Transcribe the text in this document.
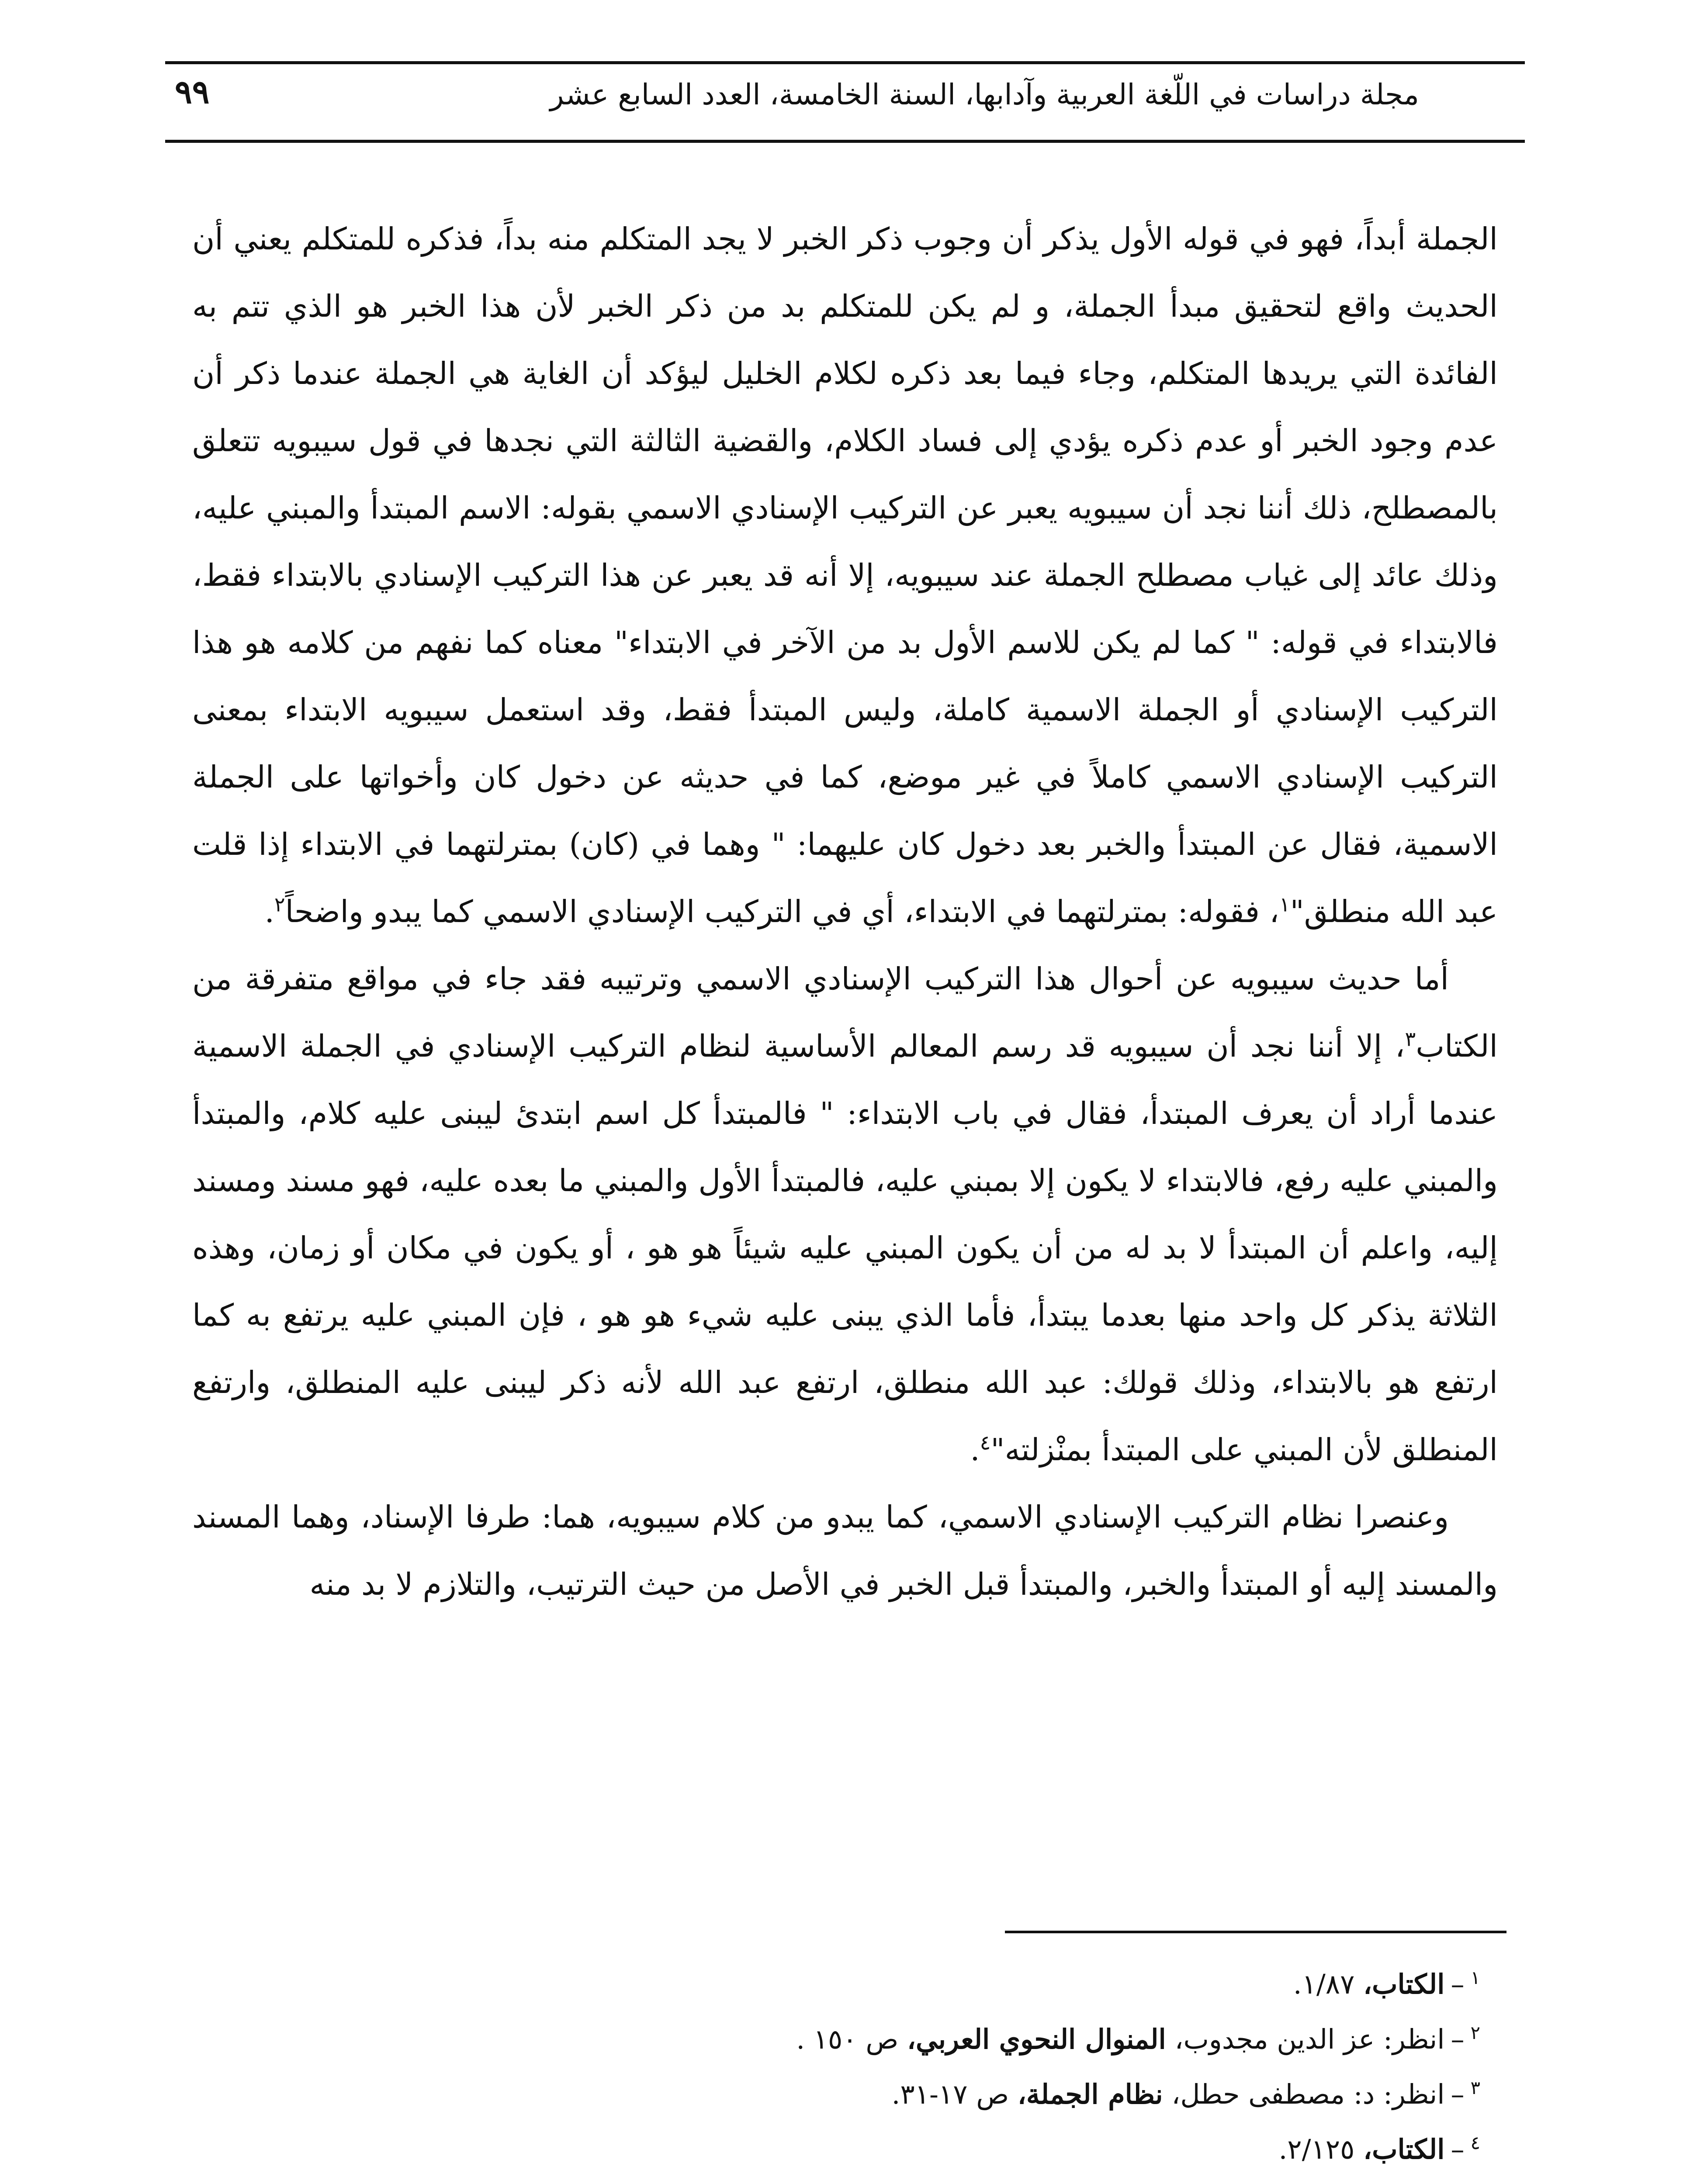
٩٩	مجلة دراسات في اللّغة العربية وآدابها، السنة الخامسة، العدد السابع عشر

الجملة أبداً، فهو في قوله الأول يذكر أن وجوب ذكر الخبر لا يجد المتكلم منه بداً، فذكره للمتكلم يعني أن الحديث واقع لتحقيق مبدأ الجملة، و لم يكن للمتكلم بد من ذكر الخبر لأن هذا الخبر هو الذي تتم به الفائدة التي يريدها المتكلم، وجاء فيما بعد ذكره لكلام الخليل ليؤكد أن الغاية هي الجملة عندما ذكر أن عدم وجود الخبر أو عدم ذكره يؤدي إلى فساد الكلام، والقضية الثالثة التي نجدها في قول سيبويه تتعلق بالمصطلح، ذلك أننا نجد أن سيبويه يعبر عن التركيب الإسنادي الاسمي بقوله: الاسم المبتدأ والمبني عليه، وذلك عائد إلى غياب مصطلح الجملة عند سيبويه، إلا أنه قد يعبر عن هذا التركيب الإسنادي بالابتداء فقط، فالابتداء في قوله: " كما لم يكن للاسم الأول بد من الآخر في الابتداء" معناه كما نفهم من كلامه هو هذا التركيب الإسنادي أو الجملة الاسمية كاملة، وليس المبتدأ فقط، وقد استعمل سيبويه الابتداء بمعنى التركيب الإسنادي الاسمي كاملاً في غير موضع، كما في حديثه عن دخول كان وأخواتها على الجملة الاسمية، فقال عن المبتدأ والخبر بعد دخول كان عليهما: " وهما في (كان) بمترلتهما في الابتداء إذا قلت عبد الله منطلق"$^١$، فقوله: بمترلتهما في الابتداء، أي في التركيب الإسنادي الاسمي كما يبدو واضحاً$^٢$.

أما حديث سيبويه عن أحوال هذا التركيب الإسنادي الاسمي وترتيبه فقد جاء في مواقع متفرقة من الكتاب$^٣$، إلا أننا نجد أن سيبويه قد رسم المعالم الأساسية لنظام التركيب الإسنادي في الجملة الاسمية عندما أراد أن يعرف المبتدأ، فقال في باب الابتداء: " فالمبتدأ كل اسم ابتدئ ليبنى عليه كلام، والمبتدأ والمبني عليه رفع، فالابتداء لا يكون إلا بمبني عليه، فالمبتدأ الأول والمبني ما بعده عليه، فهو مسند ومسند إليه، واعلم أن المبتدأ لا بد له من أن يكون المبني عليه شيئاً هو هو ، أو يكون في مكان أو زمان، وهذه الثلاثة يذكر كل واحد منها بعدما يبتدأ، فأما الذي يبنى عليه شيء هو هو ، فإن المبني عليه يرتفع به كما ارتفع هو بالابتداء، وذلك قولك: عبد الله منطلق، ارتفع عبد الله لأنه ذكر ليبنى عليه المنطلق، وارتفع المنطلق لأن المبني على المبتدأ بمنْزلته"$^٤$.

وعنصرا نظام التركيب الإسنادي الاسمي، كما يبدو من كلام سيبويه، هما: طرفا الإسناد، وهما المسند والمسند إليه أو المبتدأ والخبر، والمبتدأ قبل الخبر في الأصل من حيث الترتيب، والتلازم لا بد منه

$^١$–الكتاب، ١/٨٧.

$^٢$–انظر: عز الدين مجدوب، المنوال النحوي العربي، ص ١٥٠ .

$^٣$–انظر: د: مصطفى حطل، نظام الجملة، ص ١٧-٣١.

$^٤$–الكتاب، ٢/١٢٥.
